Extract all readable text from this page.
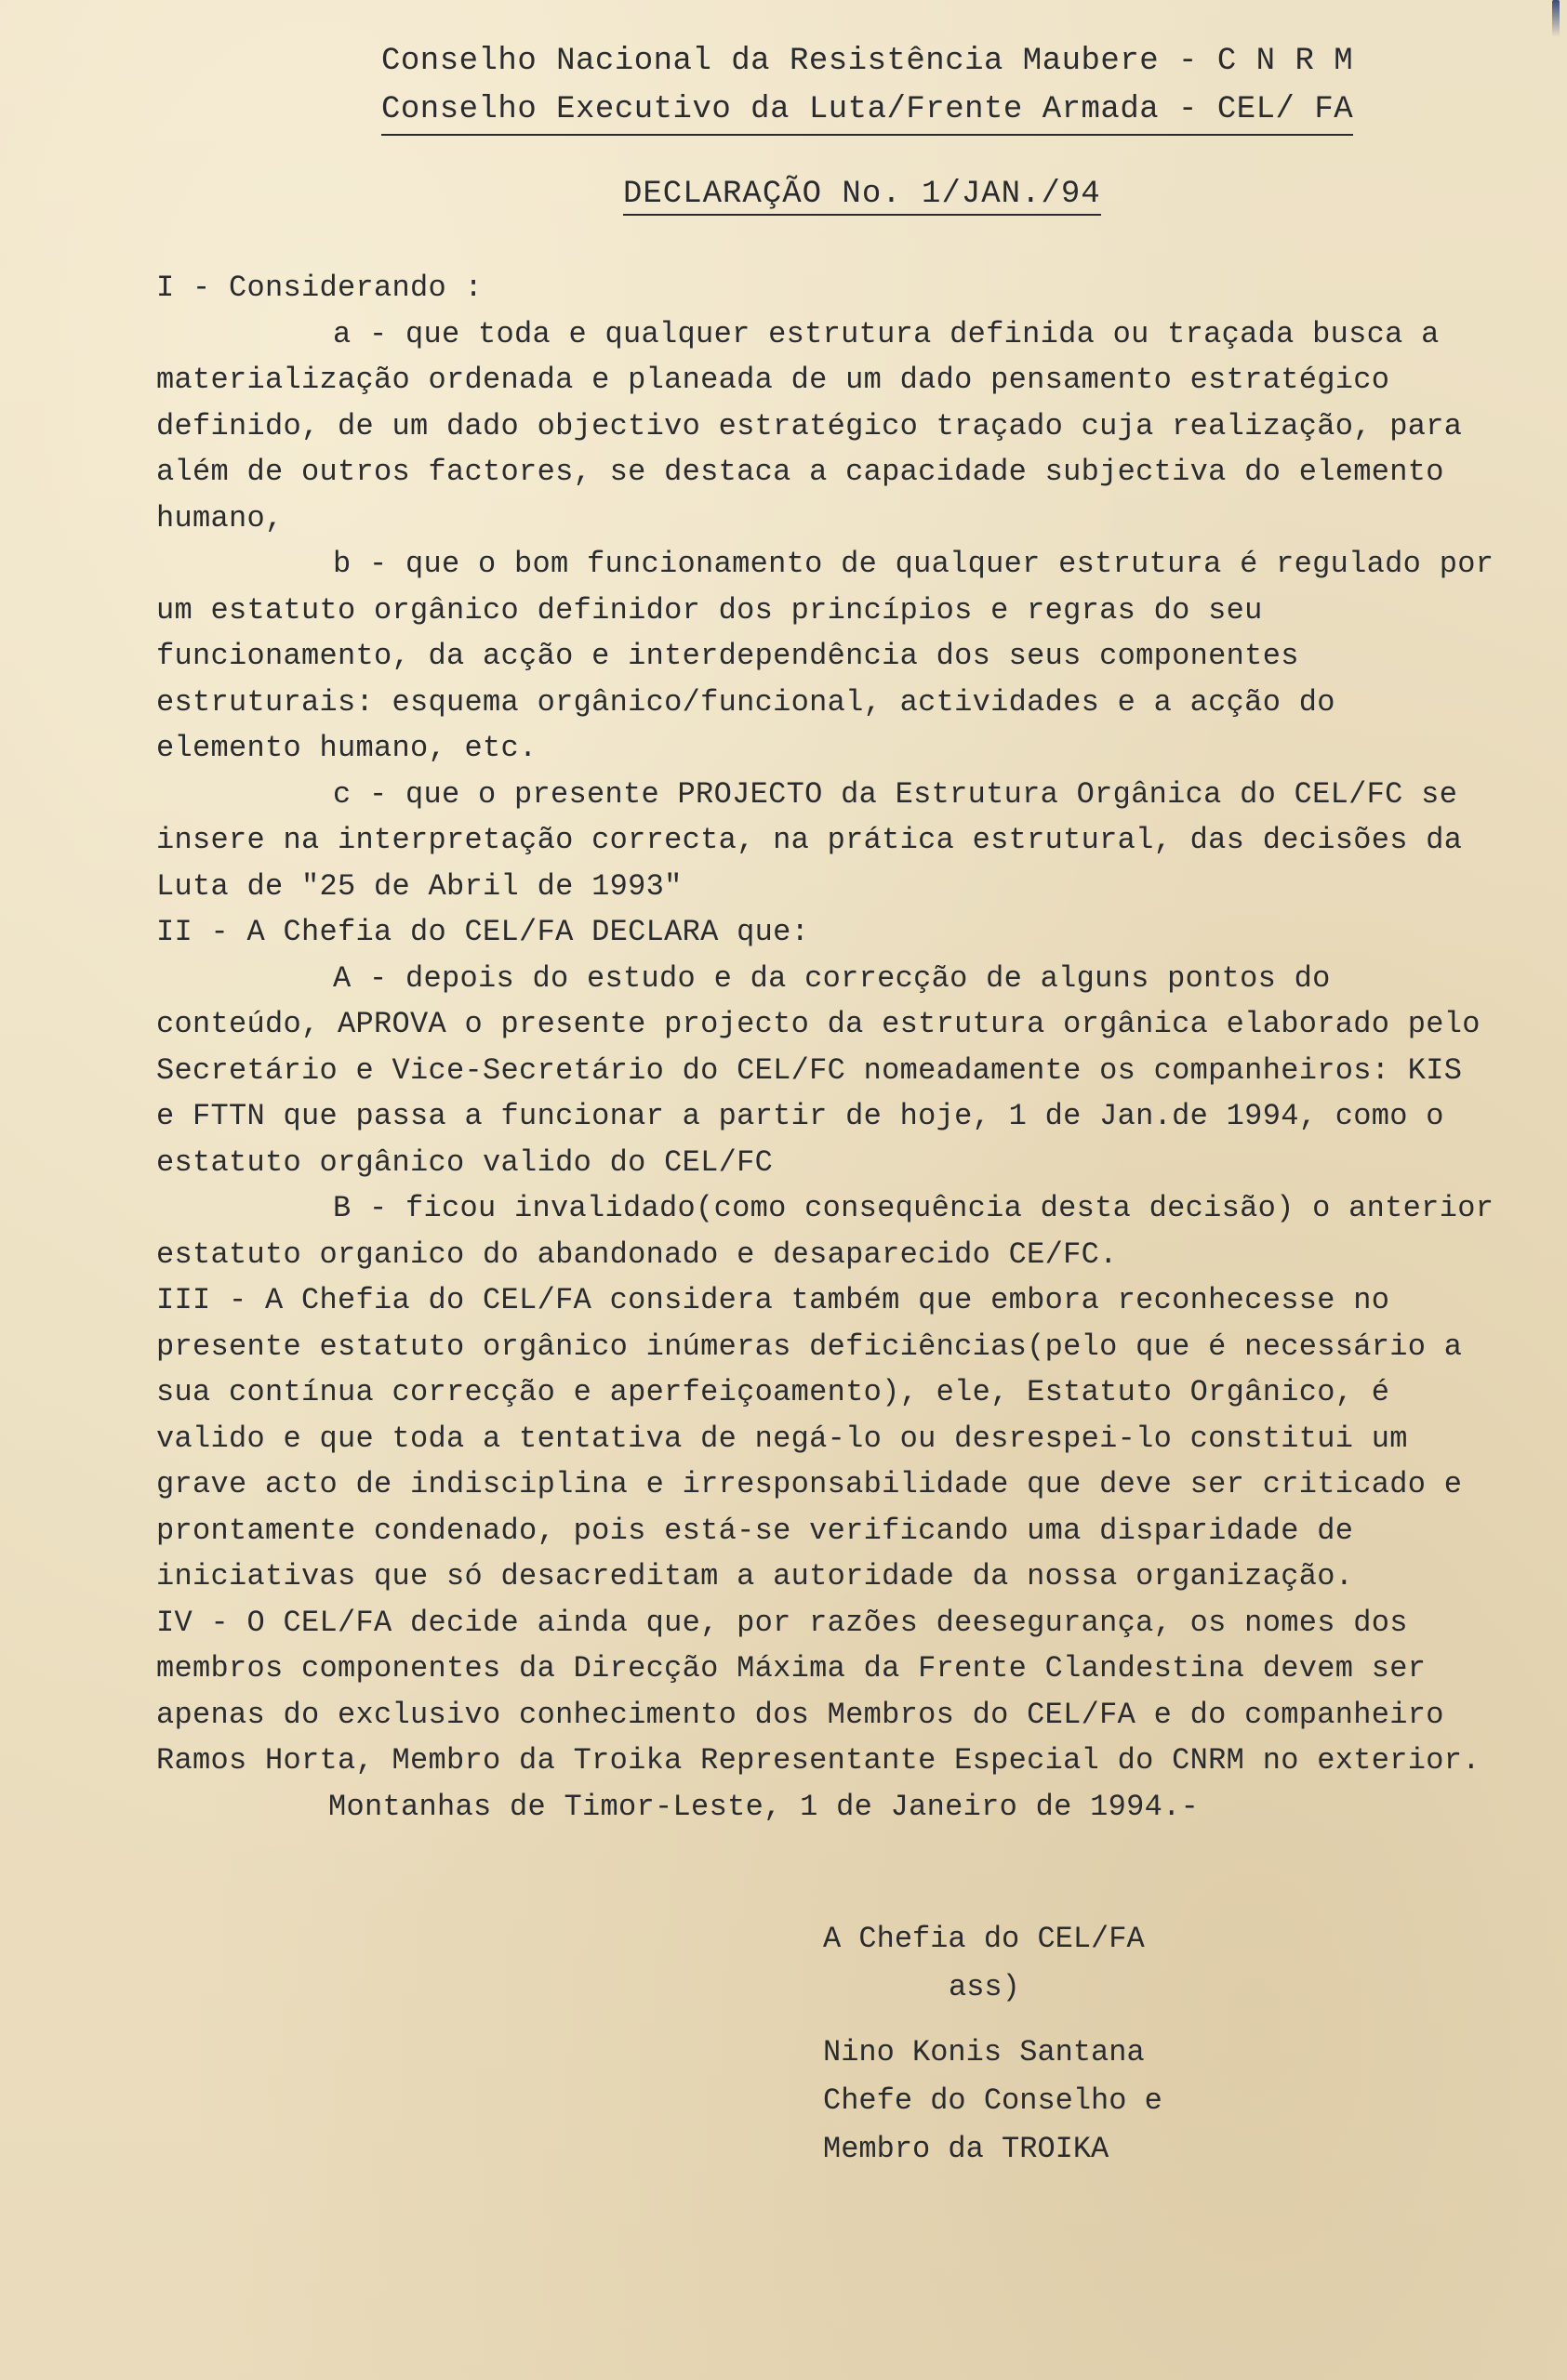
Conselho Nacional da Resistência Maubere - C N R M
Conselho Executivo da Luta/Frente Armada - CEL/ FA
DECLARAÇÃO No. 1/JAN./94

I - Considerando :

a - que toda e qualquer estrutura definida ou traçada busca a materialização ordenada e planeada de um dado pensamento estratégico definido, de um dado objectivo estratégico traçado cuja realização, para além de outros factores, se destaca a capacidade subjectiva do elemento humano,

b - que o bom funcionamento de qualquer estrutura é regulado por um estatuto orgânico definidor dos princípios e regras do seu funcionamento, da acção e interdependência dos seus componentes estruturais: esquema orgânico/funcional, actividades e a acção do elemento humano, etc.

c - que o presente PROJECTO da Estrutura Orgânica do CEL/FC se insere na interpretação correcta, na prática estrutural, das decisões da Luta de "25 de Abril de 1993"

II - A Chefia do CEL/FA DECLARA que:

A - depois do estudo e da correcção de alguns pontos do conteúdo, APROVA o presente projecto da estrutura orgânica elaborado pelo Secretário e Vice-Secretário do CEL/FC nomeadamente os companheiros: KIS e FTTN que passa a funcionar a partir de hoje, 1 de Jan.de 1994, como o estatuto orgânico valido do CEL/FC

B - ficou invalidado(como consequência desta decisão) o anterior estatuto organico do abandonado e desaparecido CE/FC.

III - A Chefia do CEL/FA considera também que embora reconhecesse no presente estatuto orgânico inúmeras deficiências(pelo que é necessário a sua contínua correcção e aperfeiçoamento), ele, Estatuto Orgânico, é valido e que toda a tentativa de negá-lo ou desrespei-lo constitui um grave acto de indisciplina e irresponsabilidade que deve ser criticado e prontamente condenado, pois está-se verificando uma disparidade de iniciativas que só desacreditam a autoridade da nossa organização.

IV - O CEL/FA decide ainda que, por razões deesegurança, os nomes dos membros componentes da Direcção Máxima da Frente Clandestina devem ser apenas do exclusivo conhecimento dos Membros do CEL/FA e do companheiro Ramos Horta, Membro da Troika Representante Especial do CNRM no exterior.

Montanhas de Timor-Leste, 1 de Janeiro de 1994.-

A Chefia do CEL/FA
ass)
Nino Konis Santana
Chefe do Conselho e
Membro da TROIKA
